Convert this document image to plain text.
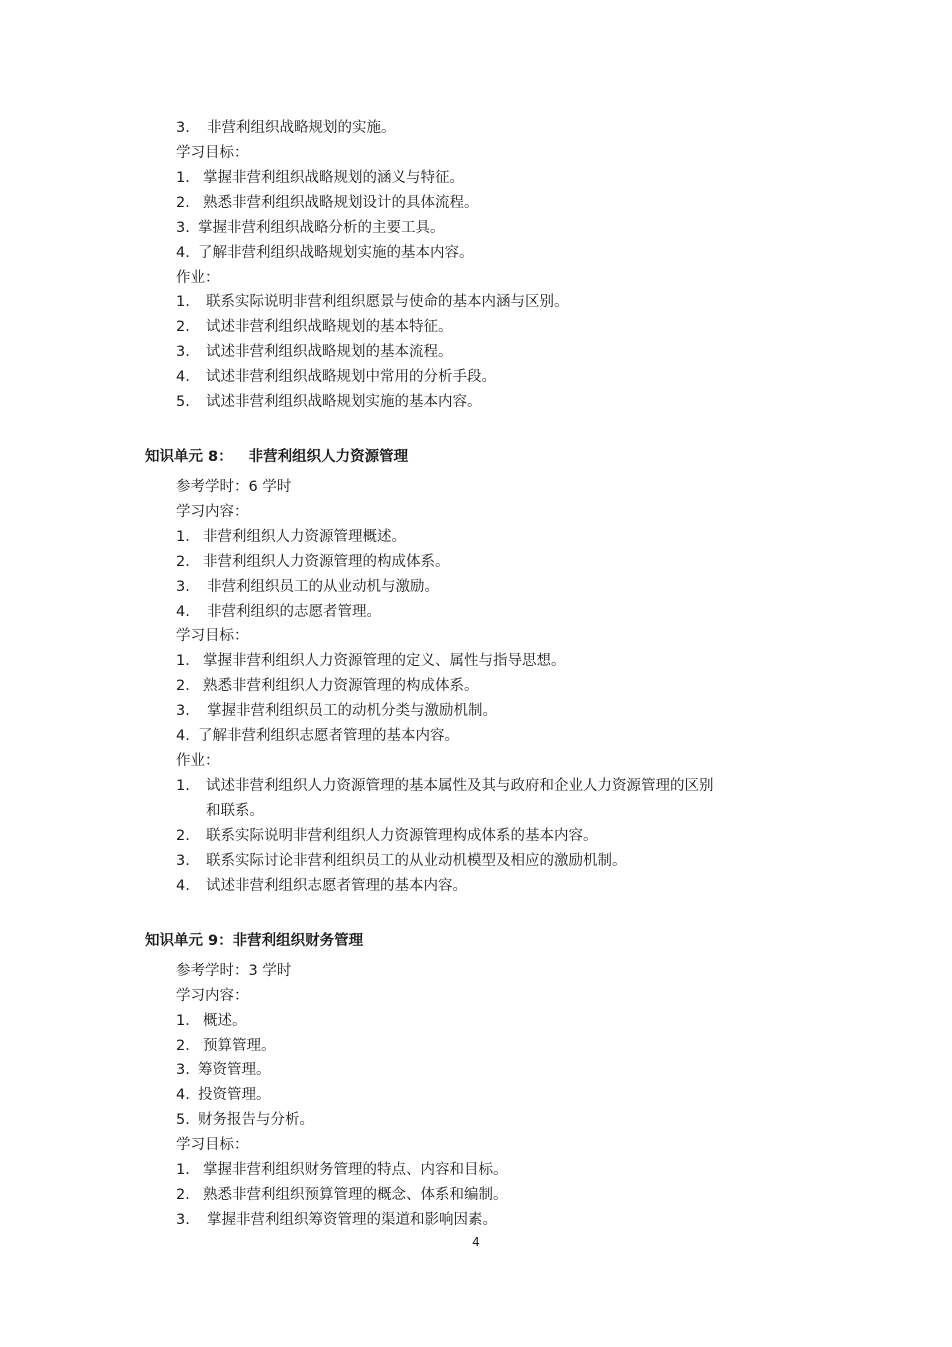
3. 非营利组织战略规划的实施。
学习目标：
1． 掌握非营利组织战略规划的涵义与特征。
2． 熟悉非营利组织战略规划设计的具体流程。
3. 掌握非营利组织战略分析的主要工具。
4. 了解非营利组织战略规划实施的基本内容。
作业：
1. 联系实际说明非营利组织愿景与使命的基本内涵与区别。
2. 试述非营利组织战略规划的基本特征。
3. 试述非营利组织战略规划的基本流程。
4. 试述非营利组织战略规划中常用的分析手段。
5. 试述非营利组织战略规划实施的基本内容。
知识单元 8： 非营利组织人力资源管理
参考学时：6 学时
学习内容：
1． 非营利组织人力资源管理概述。
2． 非营利组织人力资源管理的构成体系。
3. 非营利组织员工的从业动机与激励。
4. 非营利组织的志愿者管理。
学习目标：
1． 掌握非营利组织人力资源管理的定义、属性与指导思想。
2． 熟悉非营利组织人力资源管理的构成体系。
3. 掌握非营利组织员工的动机分类与激励机制。
4. 了解非营利组织志愿者管理的基本内容。
作业：
1. 试述非营利组织人力资源管理的基本属性及其与政府和企业人力资源管理的区别
和联系。
2. 联系实际说明非营利组织人力资源管理构成体系的基本内容。
3. 联系实际讨论非营利组织员工的从业动机模型及相应的激励机制。
4. 试述非营利组织志愿者管理的基本内容。
知识单元 9：非营利组织财务管理
参考学时：3 学时
学习内容：
1． 概述。
2． 预算管理。
3. 筹资管理。
4. 投资管理。
5. 财务报告与分析。
学习目标：
1． 掌握非营利组织财务管理的特点、内容和目标。
2． 熟悉非营利组织预算管理的概念、体系和编制。
3. 掌握非营利组织筹资管理的渠道和影响因素。
4
